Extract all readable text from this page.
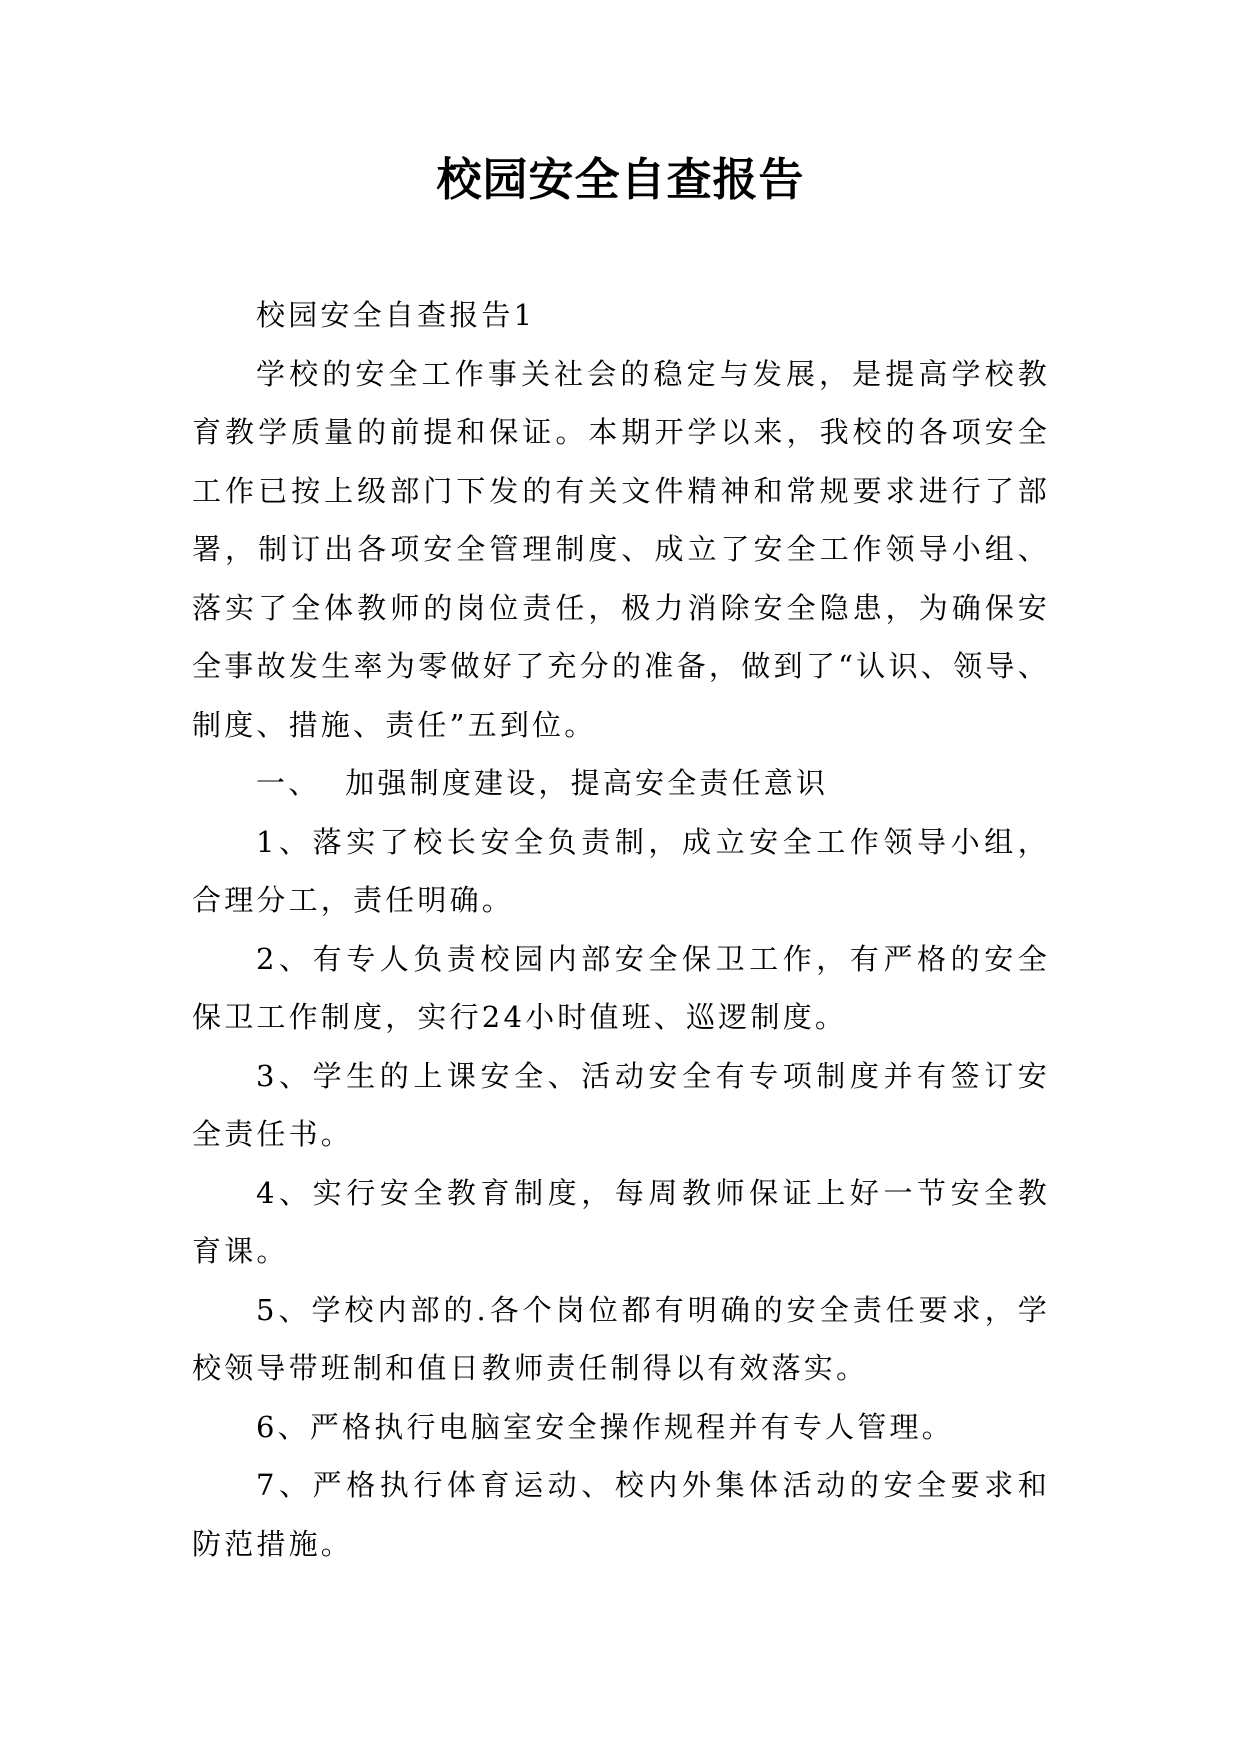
校园安全自查报告

校园安全自查报告1

学校的安全工作事关社会的稳定与发展，是提高学校教育教学质量的前提和保证。本期开学以来，我校的各项安全工作已按上级部门下发的有关文件精神和常规要求进行了部署，制订出各项安全管理制度、成立了安全工作领导小组、落实了全体教师的岗位责任，极力消除安全隐患，为确保安全事故发生率为零做好了充分的准备，做到了“认识、领导、制度、措施、责任”五到位。

一、  加强制度建设，提高安全责任意识

1、落实了校长安全负责制，成立安全工作领导小组，合理分工，责任明确。

2、有专人负责校园内部安全保卫工作，有严格的安全保卫工作制度，实行24小时值班、巡逻制度。

3、学生的上课安全、活动安全有专项制度并有签订安全责任书。

4、实行安全教育制度，每周教师保证上好一节安全教育课。

5、学校内部的.各个岗位都有明确的安全责任要求，学校领导带班制和值日教师责任制得以有效落实。

6、严格执行电脑室安全操作规程并有专人管理。

7、严格执行体育运动、校内外集体活动的安全要求和防范措施。
